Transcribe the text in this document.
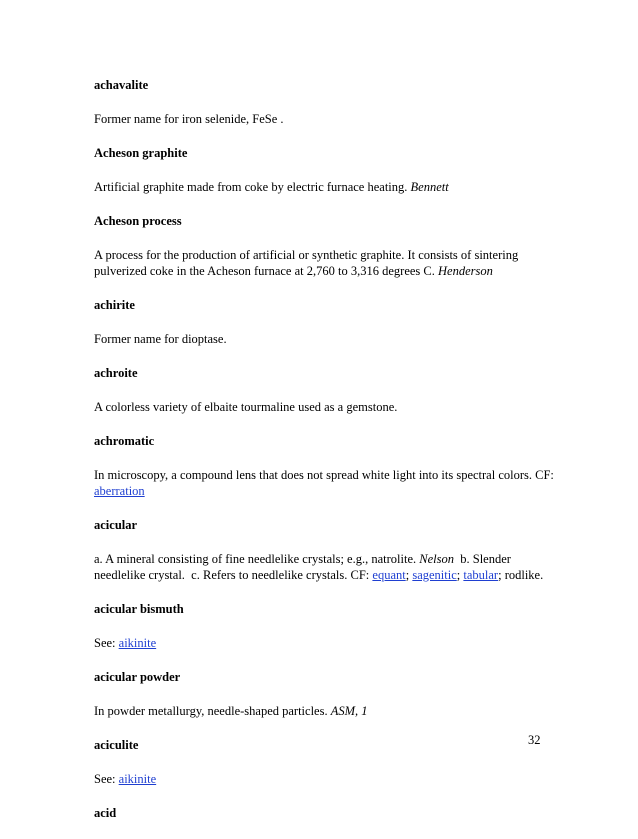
achavalite

Former name for iron selenide, FeSe .

Acheson graphite

Artificial graphite made from coke by electric furnace heating. Bennett

Acheson process

A process for the production of artificial or synthetic graphite. It consists of sintering pulverized coke in the Acheson furnace at 2,760 to 3,316 degrees C. Henderson

achirite

Former name for dioptase.

achroite

A colorless variety of elbaite tourmaline used as a gemstone.

achromatic

In microscopy, a compound lens that does not spread white light into its spectral colors. CF: aberration

acicular

a. A mineral consisting of fine needlelike crystals; e.g., natrolite. Nelson  b. Slender needlelike crystal.  c. Refers to needlelike crystals. CF: equant; sagenitic; tabular; rodlike.

acicular bismuth

See: aikinite

acicular powder

In powder metallurgy, needle-shaped particles. ASM, 1

aciculite

See: aikinite

acid

32
